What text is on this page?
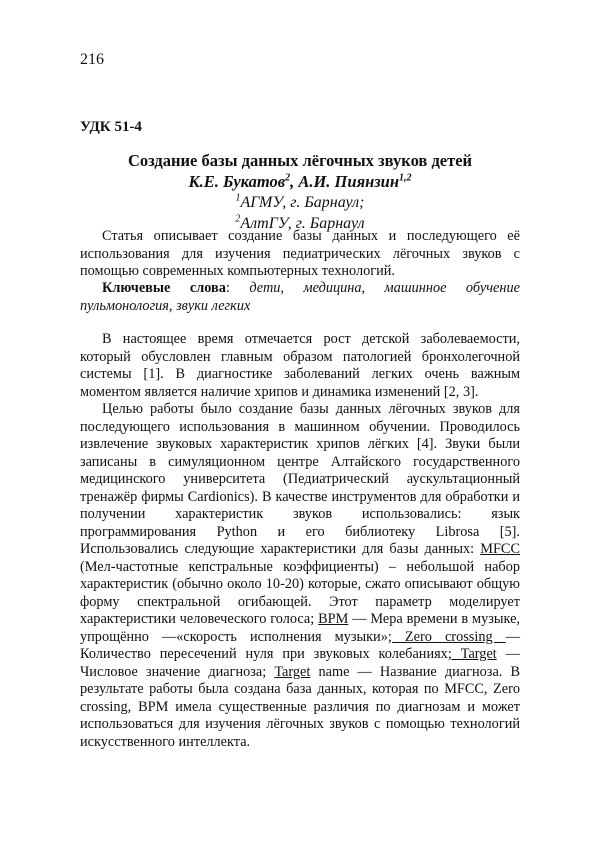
216
УДК 51-4
Создание базы данных лёгочных звуков детей
К.Е. Букатов$^2$, А.И. Пиянзин$^{1,2}$
$^1$АГМУ, г. Барнаул;
$^2$АлтГУ, г. Барнаул
Статья описывает создание базы данных и последующего её использования для изучения педиатрических лёгочных звуков с помощью современных компьютерных технологий.
Ключевые слова: дети, медицина, машинное обучение пульмонология, звуки легких

В настоящее время отмечается рост детской заболеваемости, который обусловлен главным образом патологией бронхолегочной системы [1]. В диагностике заболеваний легких очень важным моментом является наличие хрипов и динамика изменений [2, 3].

Целью работы было создание базы данных лёгочных звуков для последующего использования в машинном обучении. Проводилось извлечение звуковых характеристик хрипов лёгких [4]. Звуки были записаны в симуляционном центре Алтайского государственного медицинского университета (Педиатрический аускультационный тренажёр фирмы Cardionics). В качестве инструментов для обработки и получении характеристик звуков использовались: язык программирования Python и его библиотеку Librosa [5]. Использовались следующие характеристики для базы данных: MFCC (Мел-частотные кепстральные коэффициенты) – небольшой набор характеристик (обычно около 10-20) которые, сжато описывают общую форму спектральной огибающей. Этот параметр моделирует характеристики человеческого голоса; BPM — Мера времени в музыке, упрощённо —«скорость исполнения музыки»; Zero crossing — Количество пересечений нуля при звуковых колебаниях; Target — Числовое значение диагноза; Target name — Название диагноза. В результате работы была создана база данных, которая по MFCC, Zero crossing, BPM имела существенные различия по диагнозам и может использоваться для изучения лёгочных звуков с помощью технологий искусственного интеллекта.
